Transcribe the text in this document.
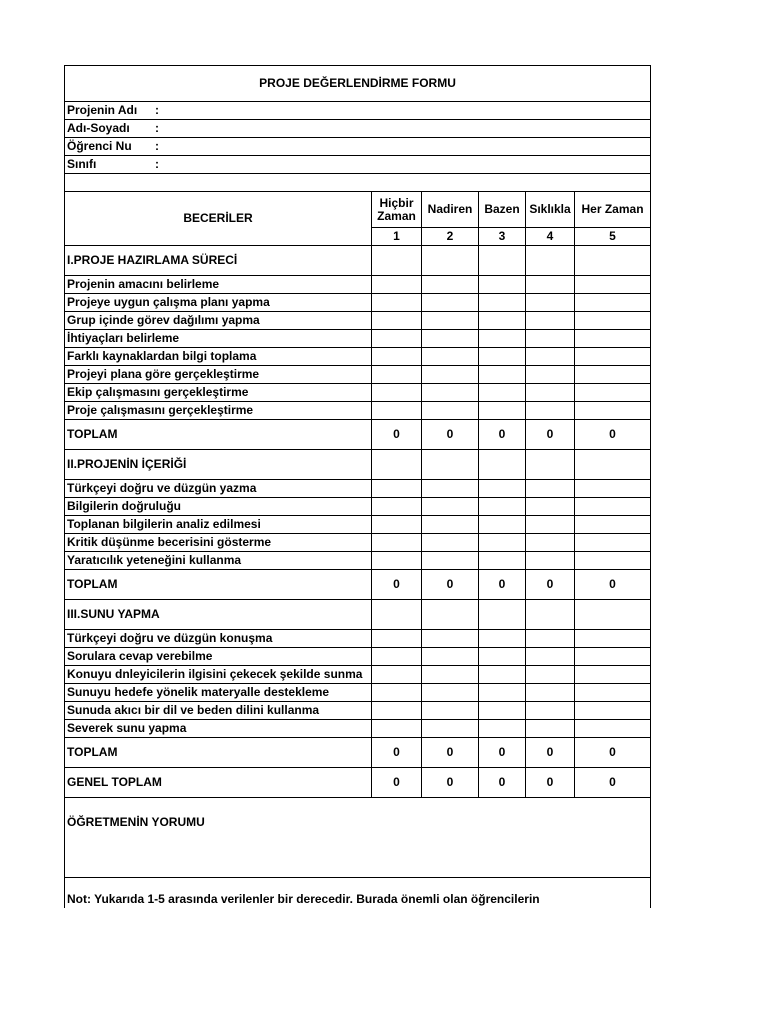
PROJE DEĞERLENDİRME FORMU					
Projenin Adı :					
Adı-Soyadı :					
Öğrenci Nu :					
Sınıfı :					

BECERİLER	Hiçbir Zaman	Nadiren	Bazen	Sıklıkla	Her Zaman
	1	2	3	4	5
I.PROJE HAZIRLAMA SÜRECİ					
Projenin amacını belirleme					
Projeye uygun çalışma planı yapma					
Grup içinde görev dağılımı yapma					
İhtiyaçları belirleme					
Farklı kaynaklardan bilgi toplama					
Projeyi plana göre gerçekleştirme					
Ekip çalışmasını gerçekleştirme					
Proje çalışmasını gerçekleştirme					
TOPLAM	0	0	0	0	0
II.PROJENİN İÇERİĞİ					
Türkçeyi doğru ve düzgün yazma					
Bilgilerin doğruluğu					
Toplanan bilgilerin analiz edilmesi					
Kritik düşünme becerisini gösterme					
Yaratıcılık yeteneğini kullanma					
TOPLAM	0	0	0	0	0
III.SUNU YAPMA					
Türkçeyi doğru ve düzgün konuşma					
Sorulara cevap verebilme					
Konuyu dnleyicilerin ilgisini çekecek şekilde sunma					
Sunuyu hedefe yönelik materyalle destekleme					
Sunuda akıcı bir dil ve beden dilini kullanma					
Severek sunu yapma					
TOPLAM	0	0	0	0	0
GENEL TOPLAM	0	0	0	0	0
ÖĞRETMENİN YORUMU					
Not: Yukarıda 1-5 arasında verilenler bir derecedir. Burada önemli olan öğrencilerin					
